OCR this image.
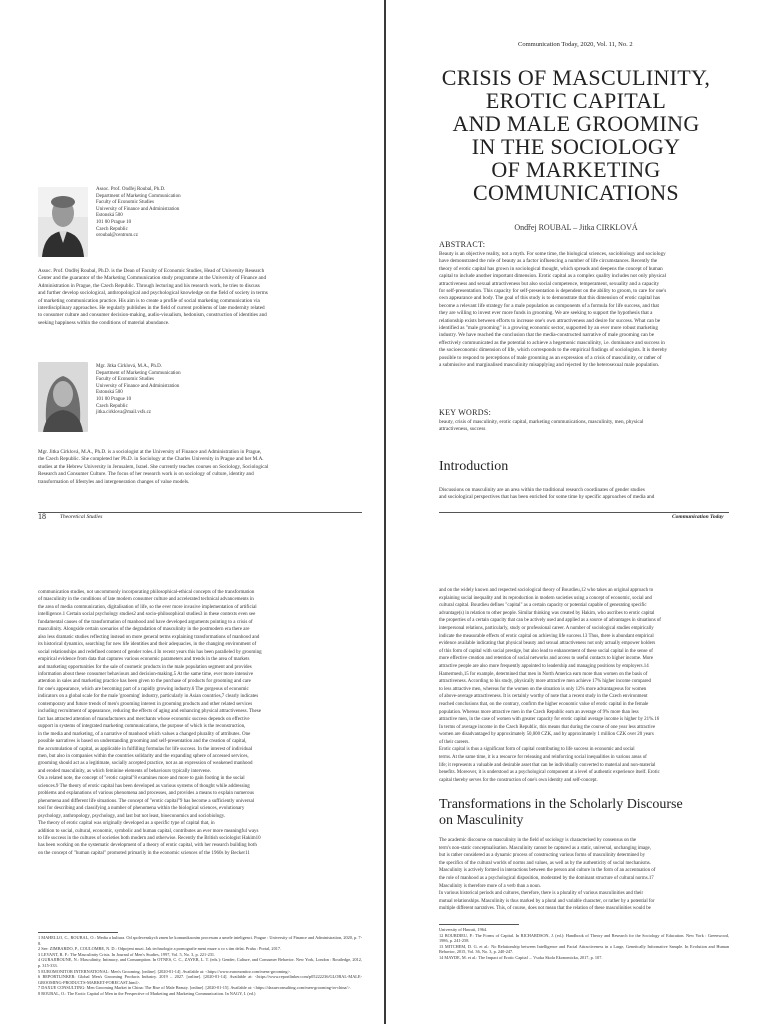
Assoc. Prof. Ondřej Roubal, Ph.D.
Department of Marketing Communication
Faculty of Economic Studies
University of Finance and Administration
Estonská 500
101 00 Prague 10
Czech Republic
oroubal@centrum.cz
Assoc. Prof. Ondřej Roubal, Ph.D. is the Dean of Faculty of Economic Studies, Head of University Research
Center and the guarantor of the Marketing Communication study programme at the University of Finance and
Administration in Prague, the Czech Republic. Through lecturing and his research work, he tries to discuss
and further develop sociological, anthropological and psychological knowledge on the field of society in terms
of marketing communication practice. His aim is to create a profile of social marketing communication via
interdisciplinary approaches. He regularly publishes in the field of current problems of late modernity related
to consumer culture and consumer decision-making, audio-visualism, hedonism, construction of identities and
seeking happiness within the conditions of material abundance.
Mgr. Jitka Cirklová, M.A., Ph.D.
Department of Marketing Communication
Faculty of Economic Studies
University of Finance and Administration
Estonská 500
101 00 Prague 10
Czech Republic
jitka.cirklova@mail.vsfs.cz
Mgr. Jitka Cirklová, M.A., Ph.D. is a sociologist at the University of Finance and Administration in Prague,
the Czech Republic. She completed her Ph.D. in Sociology at the Charles University in Prague and her M.A.
studies at the Hebrew University in Jerusalem, Israel. She currently teaches courses on Sociology, Sociological
Research and Consumer Culture. The focus of her research work is on sociology of culture, identity and
transformation of lifestyles and intergeneration changes of value models.
18	Theoretical Studies
Communication Today, 2020, Vol. 11, No. 2
CRISIS OF MASCULINITY,
EROTIC CAPITAL
AND MALE GROOMING
IN THE SOCIOLOGY
OF MARKETING
COMMUNICATIONS
Ondřej ROUBAL – Jitka CIRKLOVÁ
ABSTRACT:
Beauty is an objective reality, not a myth. For some time, the biological sciences, sociobiology and sociology
have demonstrated the role of beauty as a factor influencing a number of life circumstances. Recently the
theory of erotic capital has grown in sociological thought, which spreads and deepens the concept of human
capital to include another important dimension. Erotic capital as a complex quality includes not only physical
attractiveness and sexual attractiveness but also social competence, temperament, sexuality and a capacity
for self-presentation. This capacity for self-presentation is dependent on the ability to groom, to care for one's
own appearance and body. The goal of this study is to demonstrate that this dimension of erotic capital has
become a relevant life strategy for a male population as components of a formula for life success, and that
they are willing to invest ever more funds in grooming. We are seeking to support the hypothesis that a
relationship exists between efforts to increase one's own attractiveness and desire for success. What can be
identified as "male grooming" is a growing economic sector, supported by an ever more robust marketing
industry. We have reached the conclusion that the media-constructed narrative of male grooming can be
effectively communicated as the potential to achieve a hegemonic masculinity, i.e. dominance and success in
the socioeconomic dimension of life, which corresponds to the empirical findings of sociologists. It is thereby
possible to respond to perceptions of male grooming as an expression of a crisis of masculinity, or rather of
a submissive and marginalised masculinity misapplying and rejected by the heterosexual male population.
KEY WORDS:
beauty, crisis of masculinity, erotic capital, marketing communications, masculinity, men, physical
attractiveness, success
Introduction
Discussions on masculinity are an area within the traditional research coordinates of gender studies
and sociological perspectives that has been enriched for some time by specific approaches of media and
Communication Today
communication studies, not uncommonly incorporating philosophical-ethical concepts of the transformation
of masculinity in the conditions of late modern consumer culture and accelerated technical advancements in
the area of media communication, digitalisation of life, so the ever more invasive implementation of artificial
intelligence.1 Certain social psychology studies2 and socio-philosophical studies3 in these contexts even see
fundamental causes of the transformation of manhood and have developed arguments pointing to a crisis of
masculinity. Alongside certain scenarios of the degradation of masculinity in the postmodern era there are
also less dramatic studies reflecting instead on more general terms explaining transformations of manhood and
its historical dynamics, searching for new life identities and their adequacies, in the changing environment of
social relationships and redefined content of gender roles.4 In recent years this has been paralleled by grooming
empirical evidence from data that captures various economic parameters and trends in the area of markets
and marketing opportunities for the sale of cosmetic products in the male population segment and provides
information about these consumer behaviours and decision-making.5 At the same time, ever more intensive
attention in sales and marketing practice has been given to the purchase of products for grooming and care
for one's appearance, which are becoming part of a rapidly growing industry.6 The gorgeous of economic
indicators on a global scale for the male 'grooming' industry, particularly in Asian countries,7 clearly indicates
contemporary and future trends of men's grooming interest in grooming products and other related services
including recruitment of appearance, reducing the effects of aging and enhancing physical attractiveness. These
fact has attracted attention of manufacturers and merchants whose economic success depends on effective
support in systems of integrated marketing communications, the purpose of which is the reconstruction,
in the media and marketing, of a narrative of manhood which values a changed plurality of attributes. One
possible narratives is based on understanding grooming and self-presentation and the creation of capital,
the accumulation of capital, as applicable in fulfilling formulas for life success. In the interest of individual
men, but also in companies within the countries solidarity and the expanding sphere of accessed services,
grooming should act as a legitimate, socially accepted practice, not as an expression of weakened manhood
and eroded masculinity, as which feminine elements of behaviours typically intervene.
On a related note, the concept of "erotic capital"8 examines more and more to gain footing in the social
sciences.9 The theory of erotic capital has been developed as various systems of thought while addressing
problems and explanations of various phenomena and processes, and provides a means to explain numerous
phenomena and different life situations. The concept of "erotic capital"9 has become a sufficiently universal
tool for describing and classifying a number of phenomena within the biological sciences, evolutionary
psychology, anthropology, psychology, and last but not least, bioeconomics and sociobiology.
The theory of erotic capital was originally developed as a specific type of capital that, in
addition to social, cultural, economic, symbolic and human capital, contributes an ever more meaningful ways
to life success in the cultures of societies both modern and otherwise. Recently the British sociologist Hakim10
has been working on the systematic development of a theory of erotic capital, with her research building both
on the concept of "human capital" promoted primarily in the economic sciences of the 1960s by Becker11
1 MAHELLO, C., ROUBAL, O.: Media a kultura. Od spolecenskych zmen ke komunikacnim procesum a umele inteligenci. Prague : University of Finance and Administration, 2020, p. 7-8.
2 See: ZIMBARDO, P., COULOMBE, N. D.: Odpojeni muzi. Jak technologie a pornografie meni muze a co s tim delat. Praha : Portal, 2017.
3 LEVANT, R. F.: The Masculinity Crisis. In Journal of Men's Studies, 1997, Vol. 5, No. 3, p. 221-231.
4 GURAJIROUNE, N.: Masculinity, Intimacy, and Consumption. In OTNES, C. C., ZAYER, L. T. (eds.): Gender, Culture, and Consumer Behavior. New York, London : Routledge, 2012, p. 315-333.
5 EUROMONITOR INTERNATIONAL: Men's Grooming. [online]. [2020-01-14]. Available at: <https://www.euromonitor.com/mens-grooming>.
6 REPORTLINKER: Global Men's Grooming Products Industry. 2019 – 2027. [online]. [2020-01-14]. Available at: <https://www.reportlinker.com/p05222236/GLOBAL-MALE-GROOMING-PRODUCTS-MARKET-FORECAST.html>.
7 DAXUE CONSULTING: Men Grooming Market in China: The Rise of Male Beauty. [online]. [2020-01-15]. Available at: <https://daxueconsulting.com/men-grooming-in-china/>.
8 ROUBAL, O.: The Erotic Capital of Men in the Perspective of Marketing and Marketing Communication. In NAGY, I. (ed.)
and on the widely known and respected sociological theory of Bourdieu,12 who takes an original approach to
explaining social inequality and its reproduction in modern societies using a concept of economic, social and
cultural capital. Bourdieu defines "capital" as a certain capacity or potential capable of generating specific
advantage(s) in relation to other people. Similar thinking was created by Hakim, who ascribes to erotic capital
the properties of a certain capacity that can be actively used and applied as a source of advantages in situations of
interpersonal relations, particularly, study or professional career. A number of sociological studies empirically
indicate the measurable effects of erotic capital on achieving life success.13 Thus, there is abundant empirical
evidence available indicating that physical beauty and sexual attractiveness not only actually empower holders
of this form of capital with social prestige, but also lead to enhancement of these social capital in the sense of
more effective creation and retention of social networks and access to useful contacts to higher income. More
attractive people are also more frequently appointed to leadership and managing positions by employers.14
Hamermesh,15 for example, determined that men in North America earn more than women on the basis of
attractiveness. According to his study, physically more attractive men achieve 17% higher income compared
to less attractive men, whereas for the women on the situation is only 12% more advantageous for women
of above-average attractiveness. It is certainly worthy of note that a recent study in the Czech environment
reached conclusions that, on the contrary, confirm the higher economic value of erotic capital in the female
population. Whereas more attractive men in the Czech Republic earn an average of 9% more than less
attractive men, in the case of women with greater capacity for erotic capital average income is higher by 21%.16
In terms of average income in the Czech Republic, this means that during the course of one year less attractive
women are disadvantaged by approximately 50,000 CZK, and by approximately 1 million CZK over 20 years
of their careers.
Erotic capital is thus a significant form of capital contributing to life success in economic and social
terms. At the same time, it is a resource for releasing and reinforcing social inequalities in various areas of
life; it represents a valuable and desirable asset that can be individually converted to material and non-material
benefits. Moreover, it is understood as a psychological component at a level of authentic experience itself. Erotic
capital thereby serves for the construction of one's own identity and self-concept.
Transformations in the Scholarly Discourse
on Masculinity
The academic discourse on masculinity in the field of sociology is characterised by consensus on the
term's non-static conceptualisation. Masculinity cannot be captured as a static, universal, unchanging image,
but is rather considered as a dynamic process of constructing various forms of masculinity determined by
the specifics of the cultural worlds of norms and values, as well as by the authenticity of social mechanisms.
Masculinity is actively formed in interactions between the person and culture in the form of an accentuation of
the role of manhood as a psychological disposition, moderated by the dominant structure of cultural norms.17
Masculinity is therefore more of a verb than a noun.
In various historical periods and cultures, therefore, there is a plurality of various masculinities and their
mutual relationships. Masculinity is thus marked by a plural and variable character, or rather by a potential for
multiple different narratives. This, of course, does not mean that the relation of these masculinities would be
University of Hawaii, 1964.
12 BOURDIEU, P.: The Forms of Capital. In RICHARDSON, J. (ed.): Handbook of Theory and Research for the Sociology of Education. New York : Greenwood, 1986, p. 241-258.
13 MITCHEM, D. G. et al.: No Relationship between Intelligence and Facial Attractiveness in a Large, Genetically Informative Sample. In Evolution and Human Behavior, 2015, Vol. 36, No. 3, p. 240-247.
14 MAYDE, M. et al.: The Impact of Erotic Capital ... Vsoka Skola Ekonomicka, 2017, p. 107.
